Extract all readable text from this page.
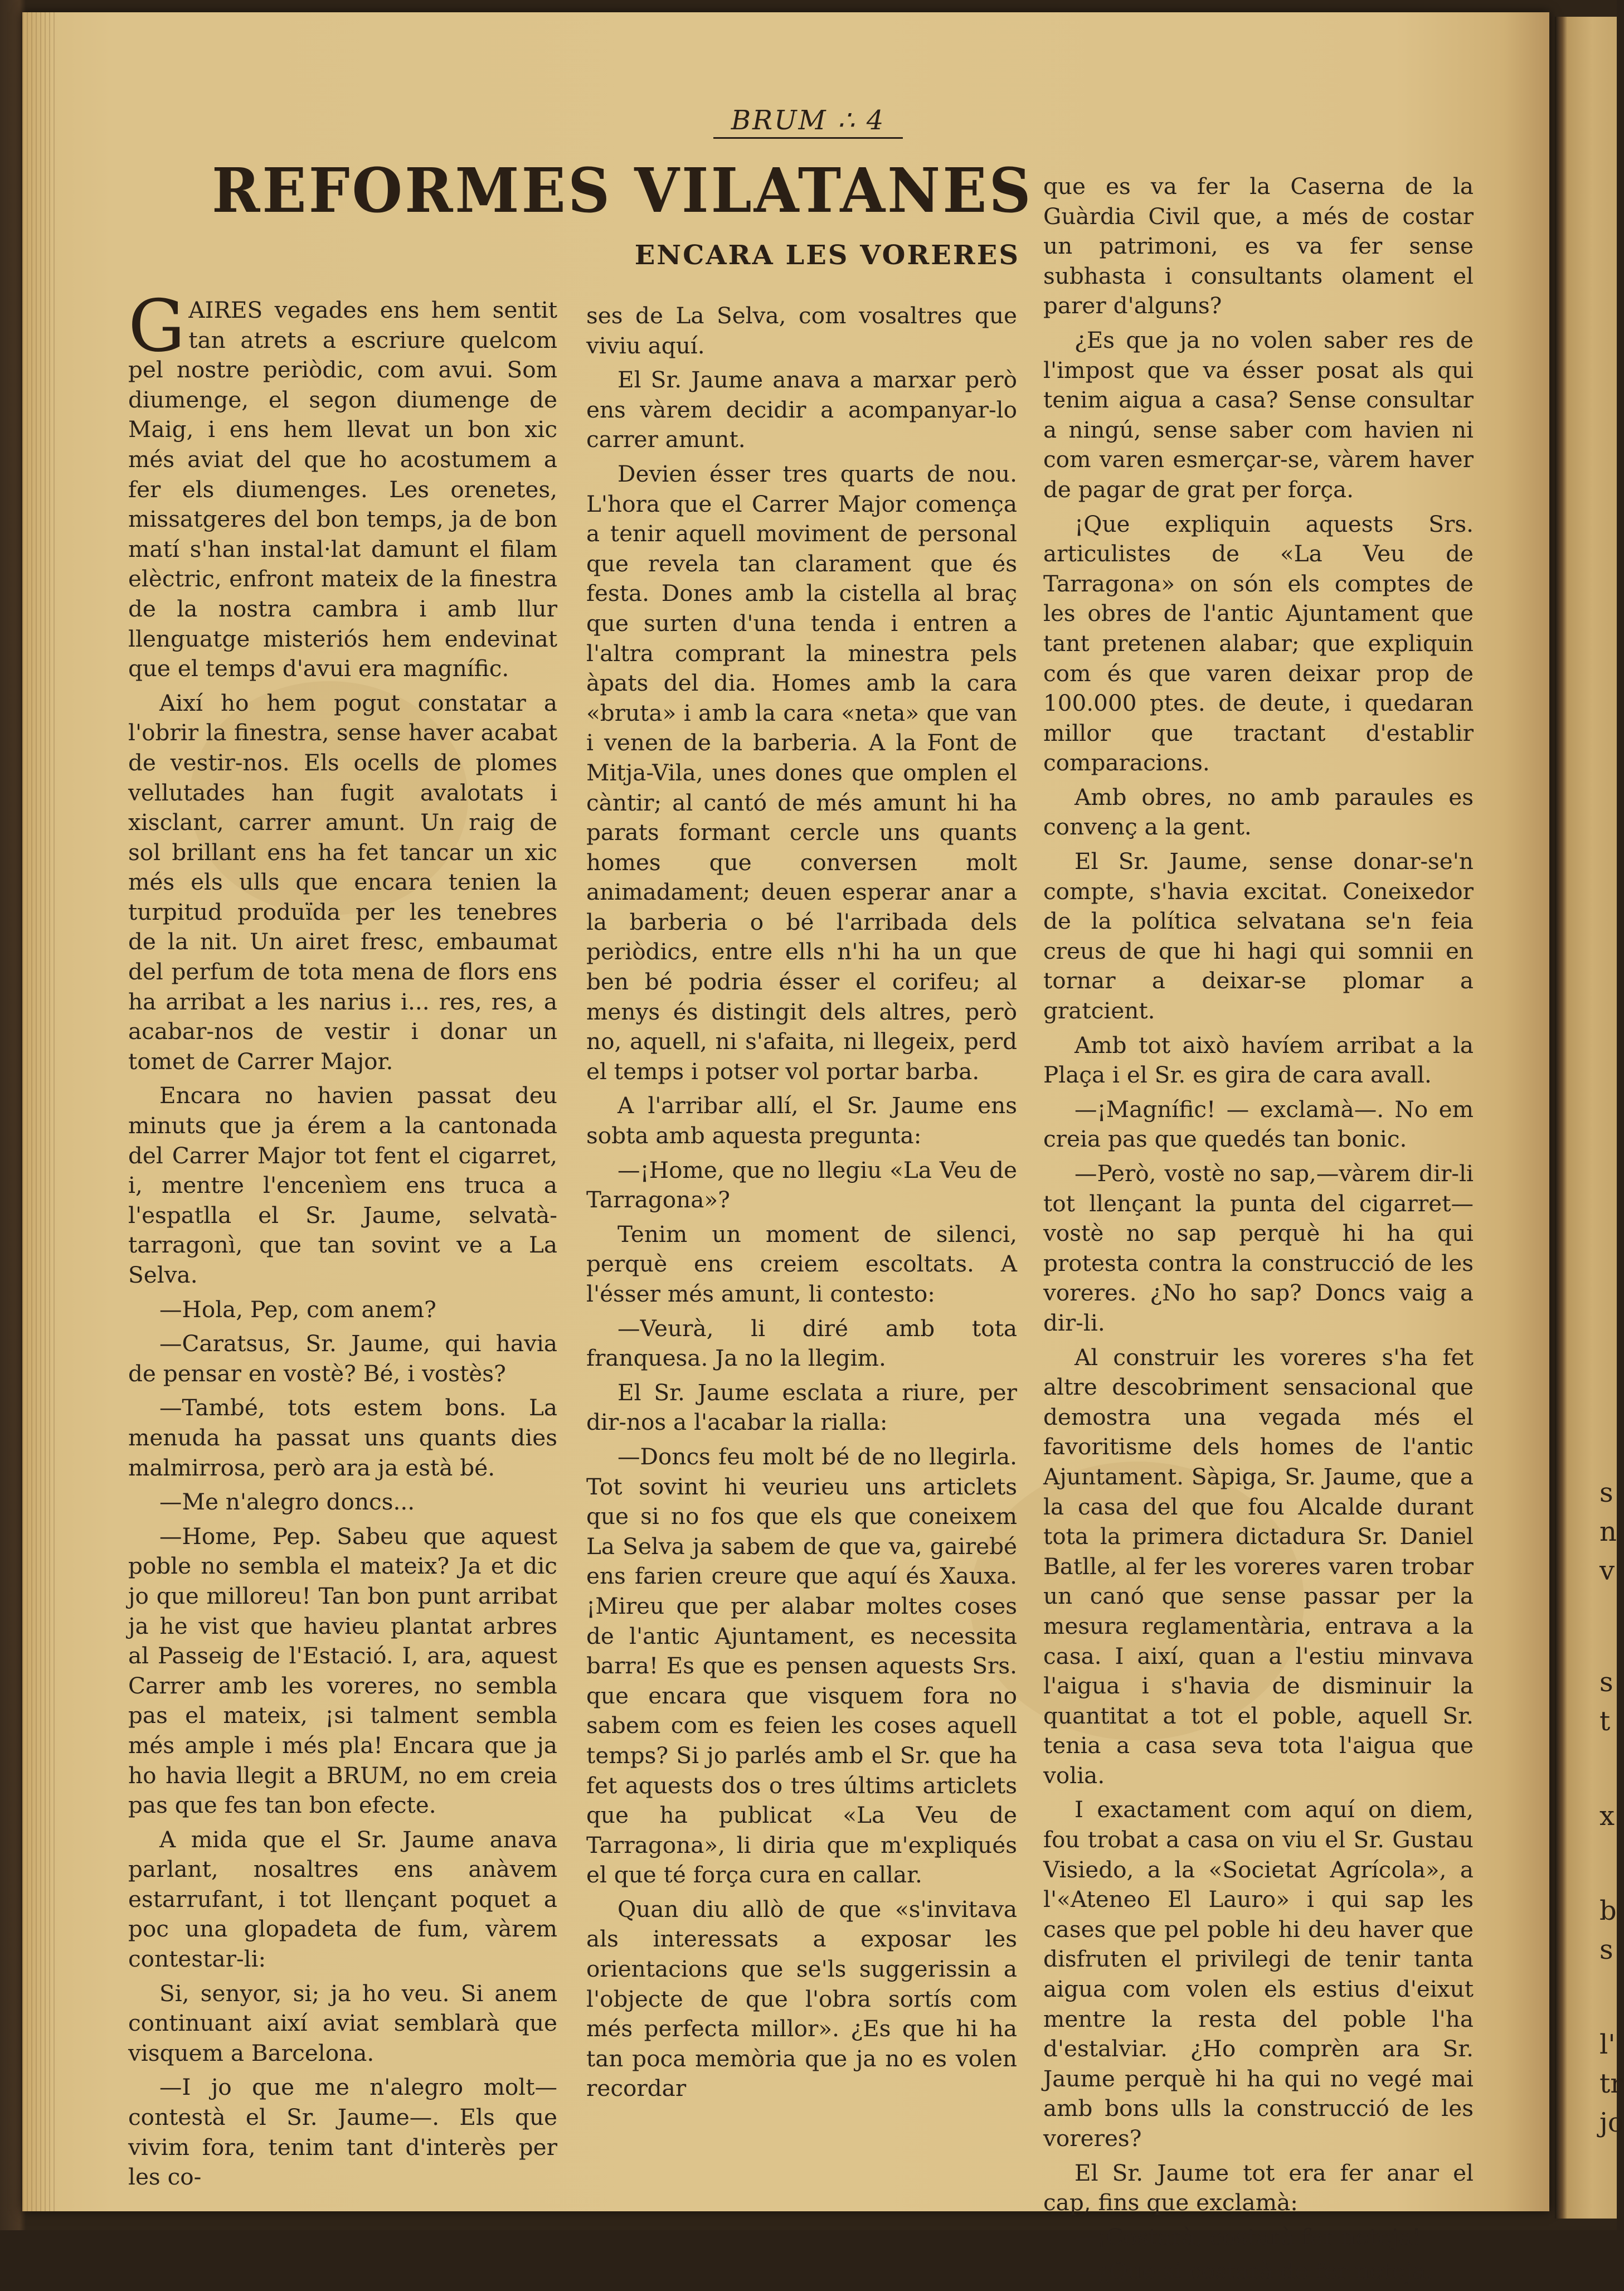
s
n
v
s
t
x
b
s
l'
tr
jo
BRUM ∴ 4
REFORMES VILATANES
ENCARA LES VORERES

GAIRES vegades ens hem sentit tan atrets a escriure quelcom pel nostre periòdic, com avui. Som diumenge, el segon diumenge de Maig, i ens hem llevat un bon xic més aviat del que ho acostumem a fer els diumenges. Les orenetes, missatgeres del bon temps, ja de bon matí s'han instal·lat damunt el filam elèctric, enfront mateix de la finestra de la nostra cambra i amb llur llenguatge misteriós hem endevinat que el temps d'avui era magnífic.

Així ho hem pogut constatar a l'obrir la finestra, sense haver acabat de vestir-nos. Els ocells de plomes vellutades han fugit avalotats i xisclant, carrer amunt. Un raig de sol brillant ens ha fet tancar un xic més els ulls que encara tenien la turpitud produïda per les tenebres de la nit. Un airet fresc, embaumat del perfum de tota mena de flors ens ha arribat a les narius i... res, res, a acabar-nos de vestir i donar un tomet de Carrer Major.

Encara no havien passat deu minuts que ja érem a la cantonada del Carrer Major tot fent el cigarret, i, mentre l'encenìem ens truca a l'espatlla el Sr. Jaume, selvatà-tarragonì, que tan sovint ve a La Selva.

—Hola, Pep, com anem?

—Caratsus, Sr. Jaume, qui havia de pensar en vostè? Bé, i vostès?

—També, tots estem bons. La menuda ha passat uns quants dies malmirrosa, però ara ja està bé.

—Me n'alegro doncs...

—Home, Pep. Sabeu que aquest poble no sembla el mateix? Ja et dic jo que milloreu! Tan bon punt arribat ja he vist que havieu plantat arbres al Passeig de l'Estació. I, ara, aquest Carrer amb les voreres, no sembla pas el mateix, ¡si talment sembla més ample i més pla! Encara que ja ho havia llegit a BRUM, no em creia pas que fes tan bon efecte.

A mida que el Sr. Jaume anava parlant, nosaltres ens anàvem estarrufant, i tot llençant poquet a poc una glopadeta de fum, vàrem contestar-li:

Si, senyor, si; ja ho veu. Si anem continuant així aviat semblarà que visquem a Barcelona.

—I jo que me n'alegro molt—contestà el Sr. Jaume—. Els que vivim fora, tenim tant d'interès per les co-

ses de La Selva, com vosaltres que viviu aquí.

El Sr. Jaume anava a marxar però ens vàrem decidir a acompanyar-lo carrer amunt.

Devien ésser tres quarts de nou. L'hora que el Carrer Major comença a tenir aquell moviment de personal que revela tan clarament que és festa. Dones amb la cistella al braç que surten d'una tenda i entren a l'altra comprant la minestra pels àpats del dia. Homes amb la cara «bruta» i amb la cara «neta» que van i venen de la barberia. A la Font de Mitja-Vila, unes dones que omplen el càntir; al cantó de més amunt hi ha parats formant cercle uns quants homes que conversen molt animadament; deuen esperar anar a la barberia o bé l'arribada dels periòdics, entre ells n'hi ha un que ben bé podria ésser el corifeu; al menys és distingit dels altres, però no, aquell, ni s'afaita, ni llegeix, perd el temps i potser vol portar barba.

A l'arribar allí, el Sr. Jaume ens sobta amb aquesta pregunta:

—¡Home, que no llegiu «La Veu de Tarragona»?

Tenim un moment de silenci, perquè ens creiem escoltats. A l'ésser més amunt, li contesto:

—Veurà, li diré amb tota franquesa. Ja no la llegim.

El Sr. Jaume esclata a riure, per dir-nos a l'acabar la rialla:

—Doncs feu molt bé de no llegirla. Tot sovint hi veurieu uns articlets que si no fos que els que coneixem La Selva ja sabem de que va, gairebé ens farien creure que aquí és Xauxa. ¡Mireu que per alabar moltes coses de l'antic Ajuntament, es necessita barra! Es que es pensen aquests Srs. que encara que visquem fora no sabem com es feien les coses aquell temps? Si jo parlés amb el Sr. que ha fet aquests dos o tres últims articlets que ha publicat «La Veu de Tarragona», li diria que m'expliqués el que té força cura en callar.

Quan diu allò de que «s'invitava als interessats a exposar les orientacions que se'ls suggerissin a l'objecte de que l'obra sortís com més perfecta millor». ¿Es que hi ha tan poca memòria que ja no es volen recordar

que es va fer la Caserna de la Guàrdia Civil que, a més de costar un patrimoni, es va fer sense subhasta i consultants olament el parer d'alguns?

¿Es que ja no volen saber res de l'impost que va ésser posat als qui tenim aigua a casa? Sense consultar a ningú, sense saber com havien ni com varen esmerçar-se, vàrem haver de pagar de grat per força.

¡Que expliquin aquests Srs. articulistes de «La Veu de Tarragona» on són els comptes de les obres de l'antic Ajuntament que tant pretenen alabar; que expliquin com és que varen deixar prop de 100.000 ptes. de deute, i quedaran millor que tractant d'establir comparacions.

Amb obres, no amb paraules es convenç a la gent.

El Sr. Jaume, sense donar-se'n compte, s'havia excitat. Coneixedor de la política selvatana se'n feia creus de que hi hagi qui somnii en tornar a deixar-se plomar a gratcient.

Amb tot això havíem arribat a la Plaça i el Sr. es gira de cara avall.

—¡Magnífic! — exclamà—. No em creia pas que quedés tan bonic.

—Però, vostè no sap,—vàrem dir-li tot llençant la punta del cigarret— vostè no sap perquè hi ha qui protesta contra la construcció de les voreres. ¿No ho sap? Doncs vaig a dir-li.

Al construir les voreres s'ha fet altre descobriment sensacional que demostra una vegada més el favoritisme dels homes de l'antic Ajuntament. Sàpiga, Sr. Jaume, que a la casa del que fou Alcalde durant tota la primera dictadura Sr. Daniel Batlle, al fer les voreres varen trobar un canó que sense passar per la mesura reglamentària, entrava a la casa. I així, quan a l'estiu minvava l'aigua i s'havia de disminuir la quantitat a tot el poble, aquell Sr. tenia a casa seva tota l'aigua que volia.

I exactament com aquí on diem, fou trobat a casa on viu el Sr. Gustau Visiedo, a la «Societat Agrícola», a l'«Ateneo El Lauro» i qui sap les cases que pel poble hi deu haver que disfruten el privilegi de tenir tanta aigua com volen els estius d'eixut mentre la resta del poble l'ha d'estalviar. ¿Ho comprèn ara Sr. Jaume perquè hi ha qui no vegé mai amb bons ulls la construcció de les voreres?

El Sr. Jaume tot era fer anar el cap, fins que exclamà:

—¡Costarà, costarà fer neteja!

—¿Que si costarà de fer neteja,
